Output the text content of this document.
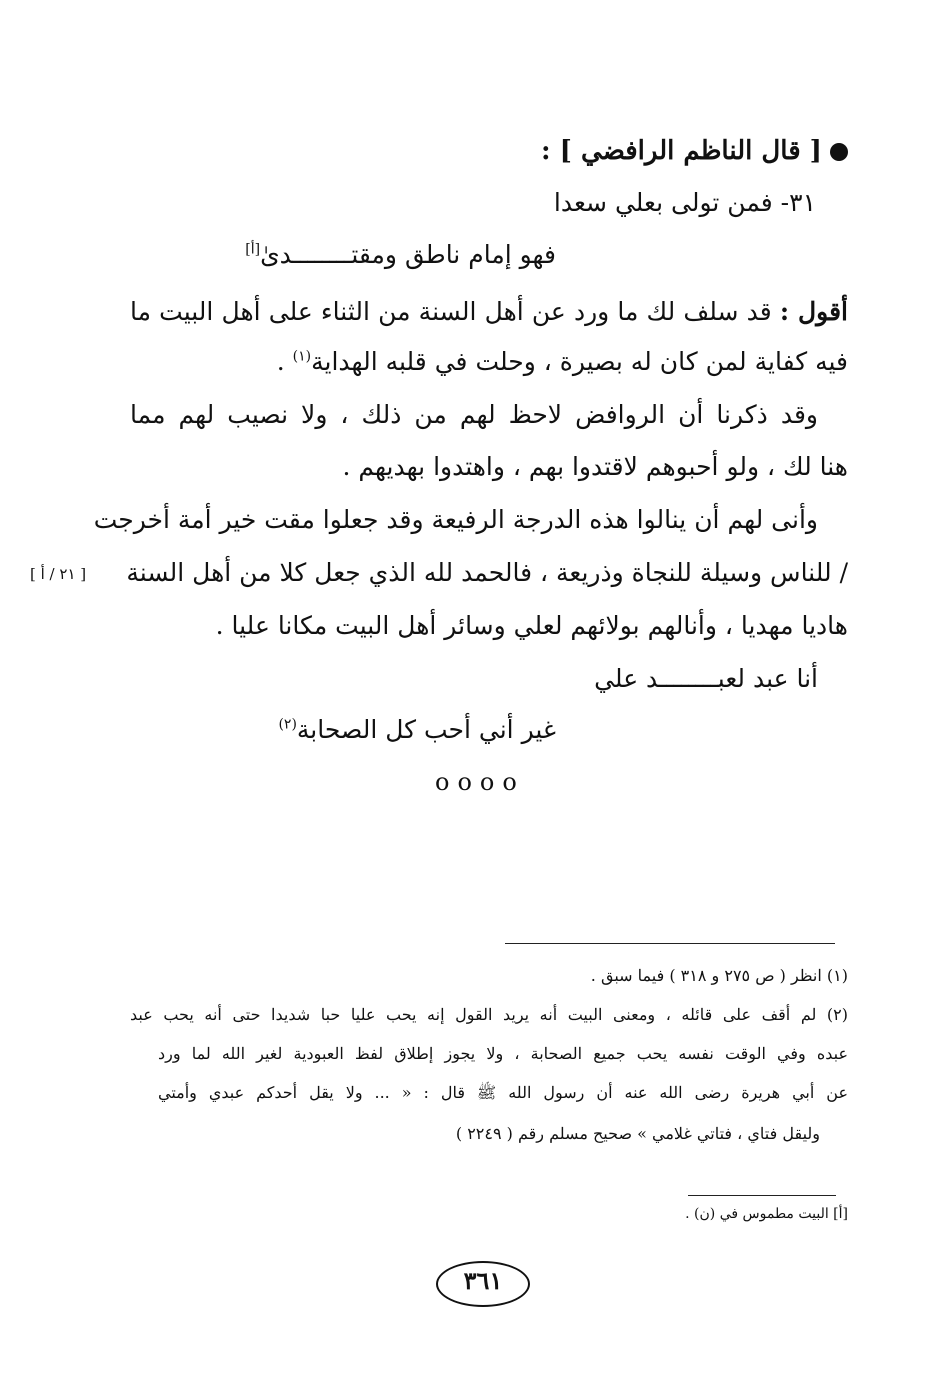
[ قال الناظم الرافضي ] :
٣١- فمن تولى بعلي سعدا
فهو إمام ناطق ومقتــــــــدىٰ[أ]
أقول : قد سلف لك ما ورد عن أهل السنة من الثناء على أهل البيت ما
فيه كفاية لمن كان له بصيرة ، وحلت في قلبه الهداية$^{(١)}$ .
وقد ذكرنا أن الروافض لاحظ لهم من ذلك ، ولا نصيب لهم مما
هنا لك ، ولو أحبوهم لاقتدوا بهم ، واهتدوا بهديهم .
وأنى لهم أن ينالوا هذه الدرجة الرفيعة وقد جعلوا مقت خير أمة أخرجت
/ للناس وسيلة للنجاة وذريعة ، فالحمد لله الذي جعل كلا من أهل السنة
هاديا مهديا ، وأنالهم بولائهم لعلي وسائر أهل البيت مكانا عليا .
[ ٢١ / أ ]
أنا عبد لعبــــــــد علي
غير أني أحب كل الصحابة$^{(٢)}$
oooo
(١) انظر ( ص ٢٧٥ و ٣١٨ ) فيما سبق .
(٢) لم أقف على قائله ، ومعنى البيت أنه يريد القول إنه يحب عليا حبا شديدا حتى أنه يحب عبد
عبده وفي الوقت نفسه يحب جميع الصحابة ، ولا يجوز إطلاق لفظ العبودية لغير الله لما ورد
عن أبي هريرة رضى الله عنه أن رسول الله ﷺ قال : « ... ولا يقل أحدكم عبدي وأمتي
وليقل فتاي ، فتاتي غلامي » صحيح مسلم رقم ( ٢٢٤٩ )
[أ] البيت مطموس في (ن) .
٣٦١
